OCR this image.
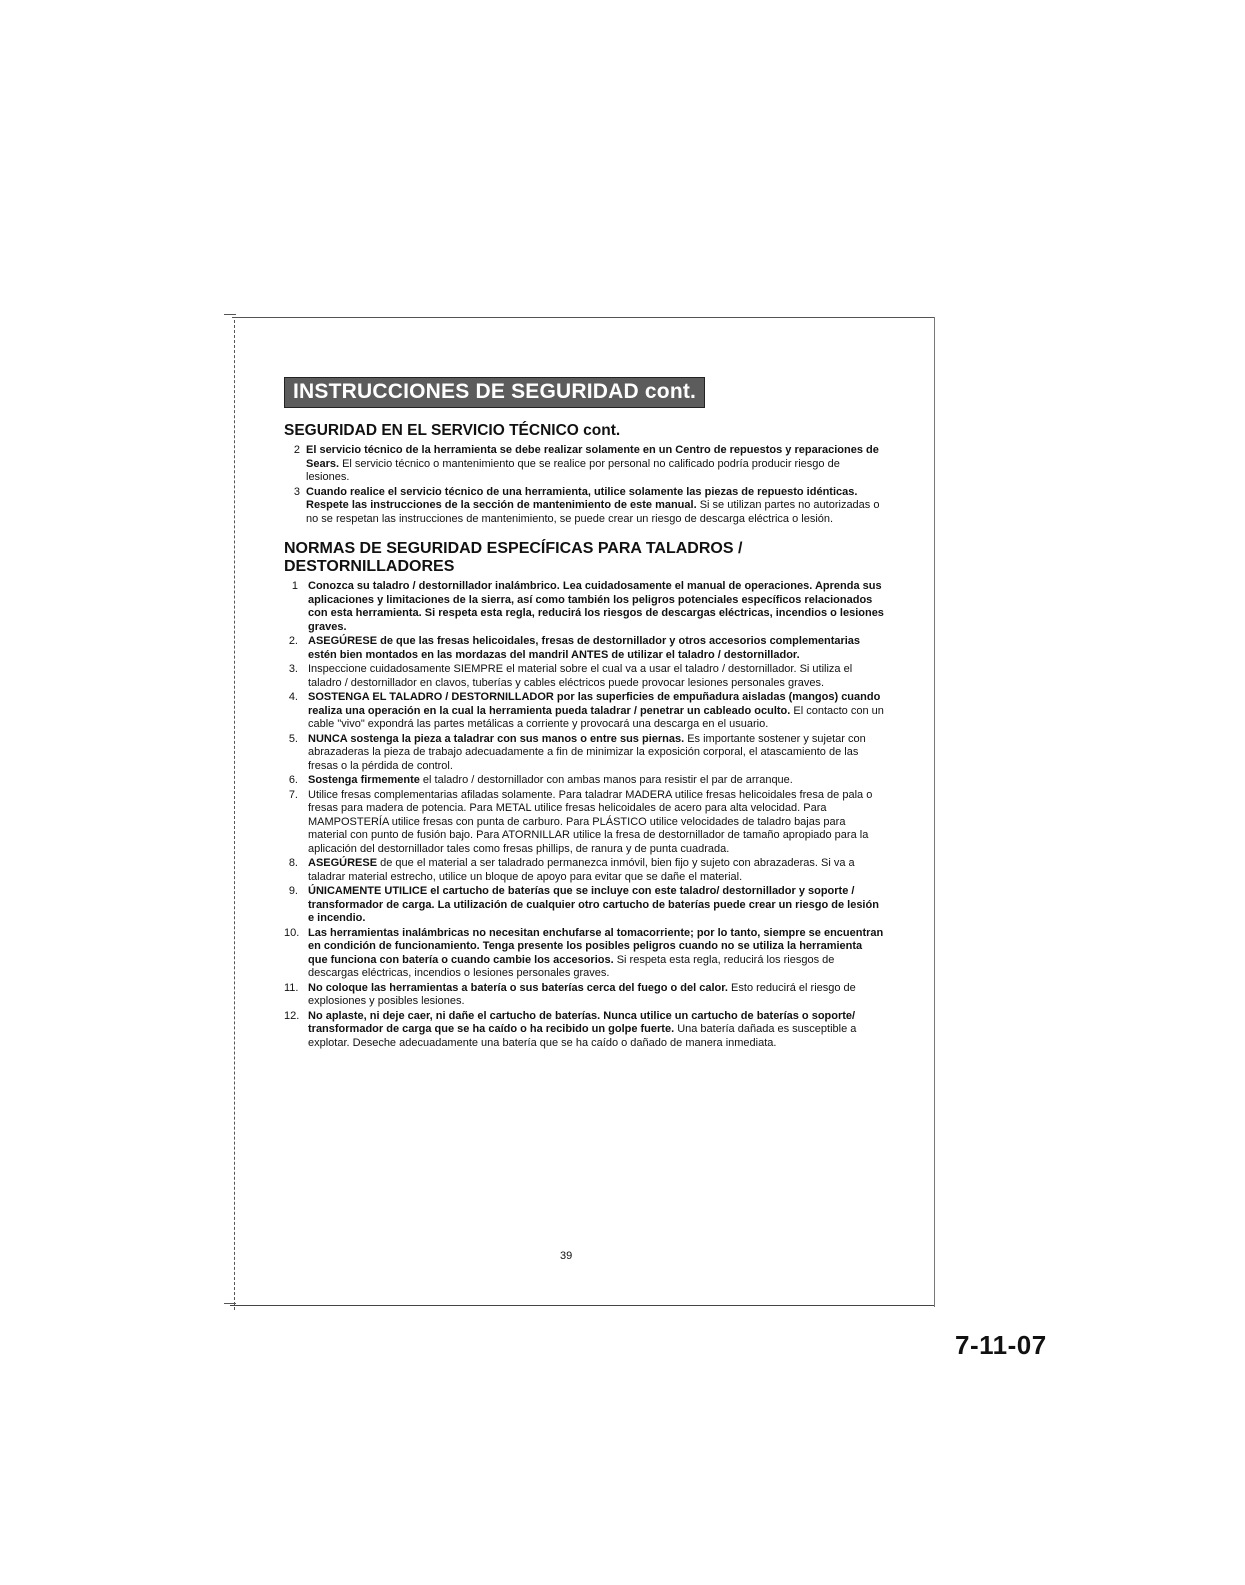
INSTRUCCIONES DE SEGURIDAD cont.
SEGURIDAD EN EL SERVICIO TÉCNICO cont.
2 El servicio técnico de la herramienta se debe realizar solamente en un Centro de repuestos y reparaciones de Sears. El servicio técnico o mantenimiento que se realice por personal no calificado podría producir riesgo de lesiones.
3 Cuando realice el servicio técnico de una herramienta, utilice solamente las piezas de repuesto idénticas. Respete las instrucciones de la sección de mantenimiento de este manual. Si se utilizan partes no autorizadas o no se respetan las instrucciones de mantenimiento, se puede crear un riesgo de descarga eléctrica o lesión.
NORMAS DE SEGURIDAD ESPECÍFICAS PARA TALADROS / DESTORNILLADORES
1 Conozca su taladro / destornillador inalámbrico. Lea cuidadosamente el manual de operaciones. Aprenda sus aplicaciones y limitaciones de la sierra, así como también los peligros potenciales específicos relacionados con esta herramienta. Si respeta esta regla, reducirá los riesgos de descargas eléctricas, incendios o lesiones graves.
2. ASEGÚRESE de que las fresas helicoidales, fresas de destornillador y otros accesorios complementarias estén bien montados en las mordazas del mandril ANTES de utilizar el taladro / destornillador.
3. Inspeccione cuidadosamente SIEMPRE el material sobre el cual va a usar el taladro / destornillador. Si utiliza el taladro / destornillador en clavos, tuberías y cables eléctricos puede provocar lesiones personales graves.
4. SOSTENGA EL TALADRO / DESTORNILLADOR por las superficies de empuñadura aisladas (mangos) cuando realiza una operación en la cual la herramienta pueda taladrar / penetrar un cableado oculto. El contacto con un cable "vivo" expondrá las partes metálicas a corriente y provocará una descarga en el usuario.
5. NUNCA sostenga la pieza a taladrar con sus manos o entre sus piernas. Es importante sostener y sujetar con abrazaderas la pieza de trabajo adecuadamente a fin de minimizar la exposición corporal, el atascamiento de las fresas o la pérdida de control.
6. Sostenga firmemente el taladro / destornillador con ambas manos para resistir el par de arranque.
7. Utilice fresas complementarias afiladas solamente. Para taladrar MADERA utilice fresas helicoidales fresa de pala o fresas para madera de potencia. Para METAL utilice fresas helicoidales de acero para alta velocidad. Para MAMPOSTERÍA utilice fresas con punta de carburo. Para PLÁSTICO utilice velocidades de taladro bajas para material con punto de fusión bajo. Para ATORNILLAR utilice la fresa de destornillador de tamaño apropiado para la aplicación del destornillador tales como fresas phillips, de ranura y de punta cuadrada.
8. ASEGÚRESE de que el material a ser taladrado permanezca inmóvil, bien fijo y sujeto con abrazaderas. Si va a taladrar material estrecho, utilice un bloque de apoyo para evitar que se dañe el material.
9. ÚNICAMENTE UTILICE el cartucho de baterías que se incluye con este taladro/ destornillador y soporte / transformador de carga. La utilización de cualquier otro cartucho de baterías puede crear un riesgo de lesión e incendio.
10. Las herramientas inalámbricas no necesitan enchufarse al tomacorriente; por lo tanto, siempre se encuentran en condición de funcionamiento. Tenga presente los posibles peligros cuando no se utiliza la herramienta que funciona con batería o cuando cambie los accesorios. Si respeta esta regla, reducirá los riesgos de descargas eléctricas, incendios o lesiones personales graves.
11. No coloque las herramientas a batería o sus baterías cerca del fuego o del calor. Esto reducirá el riesgo de explosiones y posibles lesiones.
12. No aplaste, ni deje caer, ni dañe el cartucho de baterías. Nunca utilice un cartucho de baterías o soporte/ transformador de carga que se ha caído o ha recibido un golpe fuerte. Una batería dañada es susceptible a explotar. Deseche adecuadamente una batería que se ha caído o dañado de manera inmediata.
39
7-11-07
